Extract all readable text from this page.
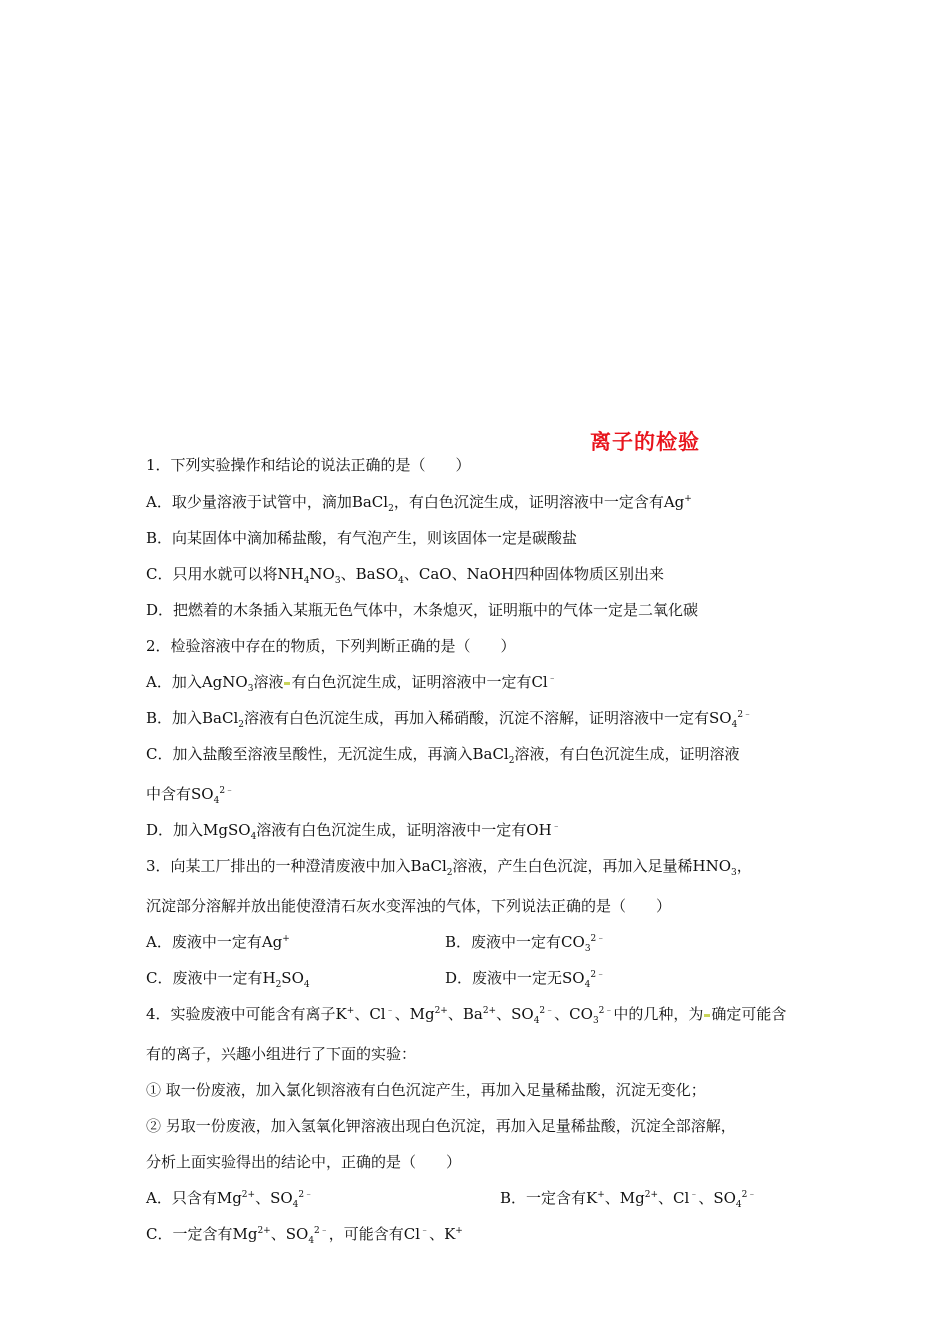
离子的检验
1．下列实验操作和结论的说法正确的是（　　）
A．取少量溶液于试管中，滴加BaCl$_2$，有白色沉淀生成，证明溶液中一定含有Ag+
B．向某固体中滴加稀盐酸，有气泡产生，则该固体一定是碳酸盐
C．只用水就可以将$NH_4NO_3$、BaSO$_4$、CaO、NaOH四种固体物质区别出来
D．把燃着的木条插入某瓶无色气体中，木条熄灭，证明瓶中的气体一定是二氧化碳
2．检验溶液中存在的物质，下列判断正确的是（　　）
A．加入AgNO$_3$溶液 有白色沉淀生成，证明溶液中一定有Cl﹣
B．加入BaCl$_2$溶液有白色沉淀生成，再加入稀硝酸，沉淀不溶解，证明溶液中一定有$SO_4^{2﹣}$
C．加入盐酸至溶液呈酸性，无沉淀生成，再滴入BaCl$_2$溶液，有白色沉淀生成，证明溶液
中含有$SO_4^{2﹣}$
D．加入MgSO$_4$溶液有白色沉淀生成，证明溶液中一定有OH﹣
3．向某工厂排出的一种澄清废液中加入BaCl$_2$溶液，产生白色沉淀，再加入足量稀$HNO_3$，
沉淀部分溶解并放出能使澄清石灰水变浑浊的气体，下列说法正确的是（　　）
A．废液中一定有Ag+	B．废液中一定有$CO_3^{2﹣}$
C．废液中一定有$H_2SO_4$	D．废液中一定无$SO_4^{2﹣}$
4．实验废液中可能含有离子K+、Cl﹣、$Mg^{2+}$、$Ba^{2+}$、$SO_4^{2﹣}$、$CO_3^{2﹣}$中的几种，为 确定可能含
有的离子，兴趣小组进行了下面的实验：
① 取一份废液，加入氯化钡溶液有白色沉淀产生，再加入足量稀盐酸，沉淀无变化；
② 另取一份废液，加入氢氧化钾溶液出现白色沉淀，再加入足量稀盐酸，沉淀全部溶解，
分析上面实验得出的结论中，正确的是（　　）
A．只含有$Mg^{2+}$、$SO_4^{2﹣}$	B．一定含有K+、$Mg^{2+}$、Cl﹣、$SO_4^{2﹣}$
C．一定含有$Mg^{2+}$、$SO_4^{2﹣}$，可能含有Cl﹣、K+
